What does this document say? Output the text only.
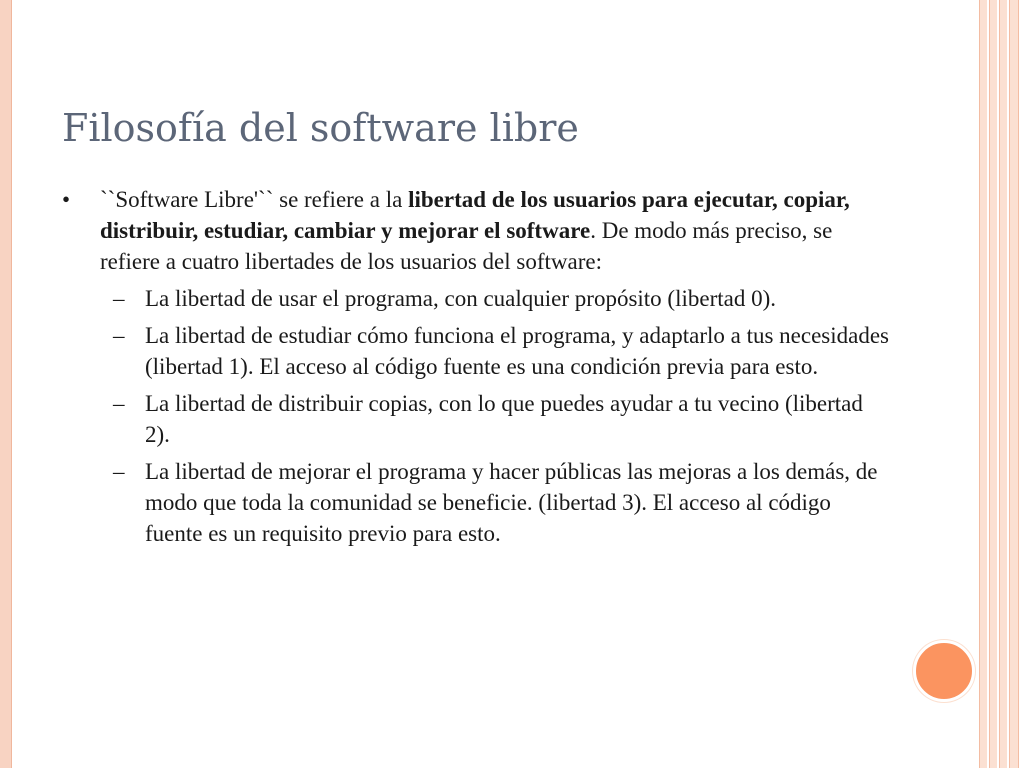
Filosofía del software libre
• ``Software Libre'`` se refiere a la libertad de los usuarios para ejecutar, copiar, distribuir, estudiar, cambiar y mejorar el software. De modo más preciso, se refiere a cuatro libertades de los usuarios del software:
– La libertad de usar el programa, con cualquier propósito (libertad 0).
– La libertad de estudiar cómo funciona el programa, y adaptarlo a tus necesidades (libertad 1). El acceso al código fuente es una condición previa para esto.
– La libertad de distribuir copias, con lo que puedes ayudar a tu vecino (libertad 2).
– La libertad de mejorar el programa y hacer públicas las mejoras a los demás, de modo que toda la comunidad se beneficie. (libertad 3). El acceso al código fuente es un requisito previo para esto.
